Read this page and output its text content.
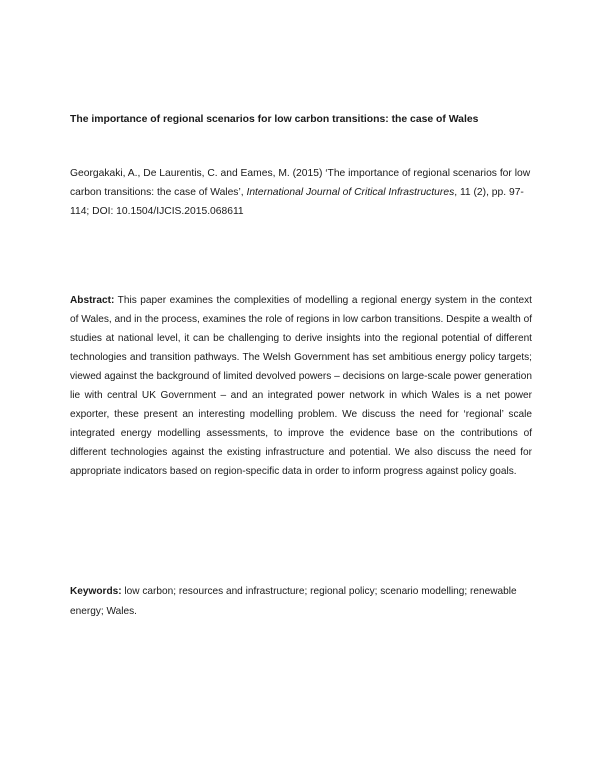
The importance of regional scenarios for low carbon transitions: the case of Wales

Georgakaki, A., De Laurentis, C. and Eames, M. (2015) ‘The importance of regional scenarios for low carbon transitions: the case of Wales’, International Journal of Critical Infrastructures, 11 (2), pp. 97-114; DOI: 10.1504/IJCIS.2015.068611

Abstract: This paper examines the complexities of modelling a regional energy system in the context of Wales, and in the process, examines the role of regions in low carbon transitions. Despite a wealth of studies at national level, it can be challenging to derive insights into the regional potential of different technologies and transition pathways. The Welsh Government has set ambitious energy policy targets; viewed against the background of limited devolved powers – decisions on large-scale power generation lie with central UK Government – and an integrated power network in which Wales is a net power exporter, these present an interesting modelling problem. We discuss the need for ‘regional’ scale integrated energy modelling assessments, to improve the evidence base on the contributions of different technologies against the existing infrastructure and potential. We also discuss the need for appropriate indicators based on region-specific data in order to inform progress against policy goals.

Keywords: low carbon; resources and infrastructure; regional policy; scenario modelling; renewable energy; Wales.
